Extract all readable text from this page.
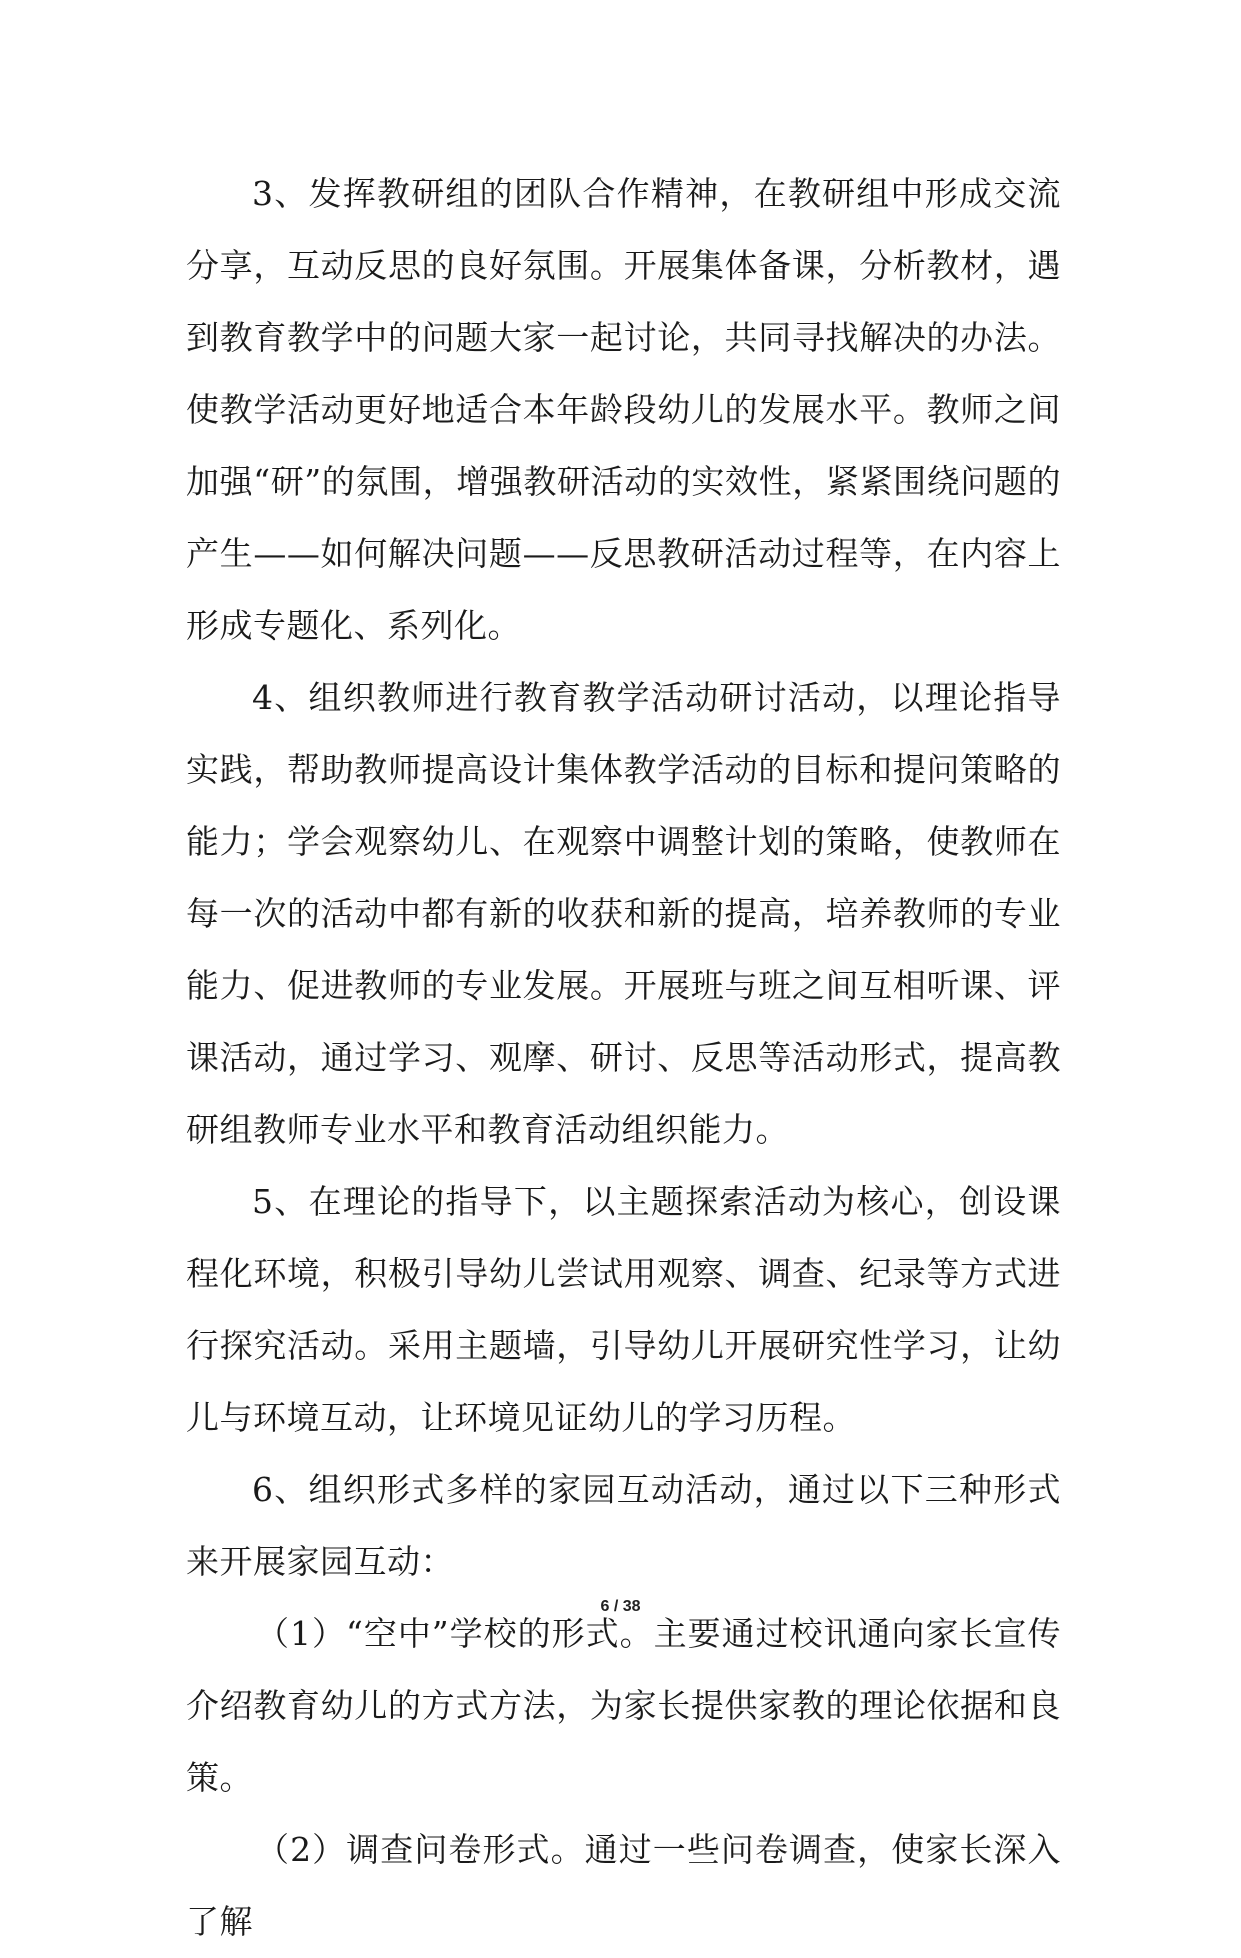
3、发挥教研组的团队合作精神，在教研组中形成交流分享，互动反思的良好氛围。开展集体备课，分析教材，遇到教育教学中的问题大家一起讨论，共同寻找解决的办法。使教学活动更好地适合本年龄段幼儿的发展水平。教师之间加强“研”的氛围，增强教研活动的实效性，紧紧围绕问题的产生——如何解决问题——反思教研活动过程等，在内容上形成专题化、系列化。

4、组织教师进行教育教学活动研讨活动，以理论指导实践，帮助教师提高设计集体教学活动的目标和提问策略的能力；学会观察幼儿、在观察中调整计划的策略，使教师在每一次的活动中都有新的收获和新的提高，培养教师的专业能力、促进教师的专业发展。开展班与班之间互相听课、评课活动，通过学习、观摩、研讨、反思等活动形式，提高教研组教师专业水平和教育活动组织能力。

5、在理论的指导下，以主题探索活动为核心，创设课程化环境，积极引导幼儿尝试用观察、调查、纪录等方式进行探究活动。采用主题墙，引导幼儿开展研究性学习，让幼儿与环境互动，让环境见证幼儿的学习历程。

6、组织形式多样的家园互动活动，通过以下三种形式来开展家园互动：

（1）“空中”学校的形式。主要通过校讯通向家长宣传介绍教育幼儿的方式方法，为家长提供家教的理论依据和良策。

（2）调查问卷形式。通过一些问卷调查，使家长深入了解

6 / 38
